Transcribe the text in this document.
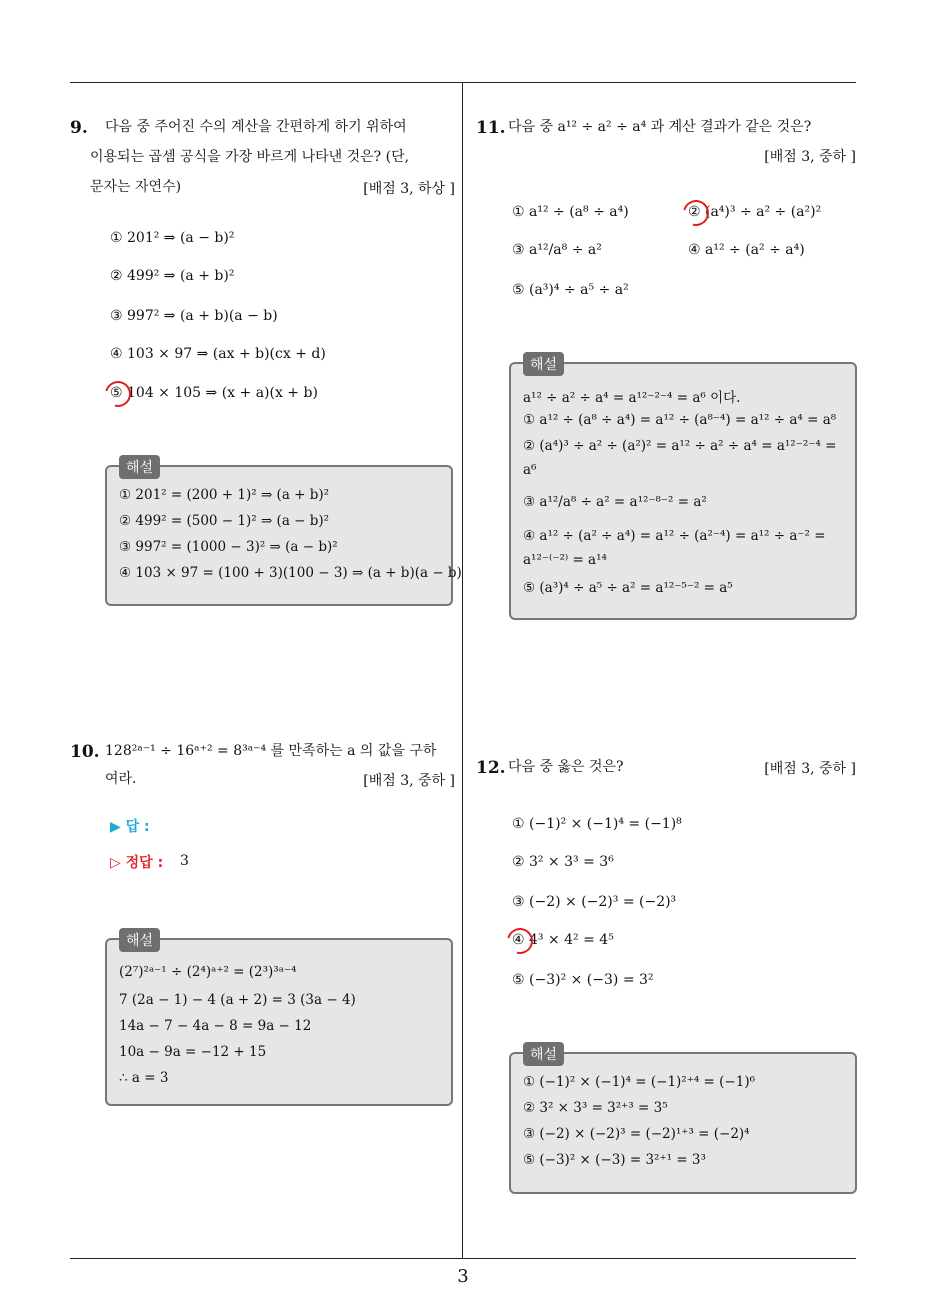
9. 다음 중 주어진 수의 계산을 간편하게 하기 위하여
이용되는 곱셈 공식을 가장 바르게 나타낸 것은? (단,
문자는 자연수)	[배점 3, 하상 ]
① 201² ⇒ (a − b)²
② 499² ⇒ (a + b)²
③ 997² ⇒ (a + b)(a − b)
④ 103 × 97 ⇒ (ax + b)(cx + d)
⑤ 104 × 105 ⇒ (x + a)(x + b)
해설
① 201² = (200 + 1)² ⇒ (a + b)²
② 499² = (500 − 1)² ⇒ (a − b)²
③ 997² = (1000 − 3)² ⇒ (a − b)²
④ 103 × 97 = (100 + 3)(100 − 3) ⇒ (a + b)(a − b)
10. 128²ᵃ⁻¹ ÷ 16ᵃ⁺² = 8³ᵃ⁻⁴ 를 만족하는 a 의 값을 구하
여라.	[배점 3, 중하 ]
▶ 답 :
▷ 정답 : 3
해설
(2⁷)²ᵃ⁻¹ ÷ (2⁴)ᵃ⁺² = (2³)³ᵃ⁻⁴
7 (2a − 1) − 4 (a + 2) = 3 (3a − 4)
14a − 7 − 4a − 8 = 9a − 12
10a − 9a = −12 + 15
∴ a = 3
11. 다음 중 a¹² ÷ a² ÷ a⁴ 과 계산 결과가 같은 것은?
[배점 3, 중하 ]
① a¹² ÷ (a⁸ ÷ a⁴)	② (a⁴)³ ÷ a² ÷ (a²)²
③ a¹²/a⁸ ÷ a²	④ a¹² ÷ (a² ÷ a⁴)
⑤ (a³)⁴ ÷ a⁵ ÷ a²
해설
a¹² ÷ a² ÷ a⁴ = a¹²⁻²⁻⁴ = a⁶ 이다.
① a¹² ÷ (a⁸ ÷ a⁴) = a¹² ÷ (a⁸⁻⁴) = a¹² ÷ a⁴ = a⁸
② (a⁴)³ ÷ a² ÷ (a²)² = a¹² ÷ a² ÷ a⁴ = a¹²⁻²⁻⁴ =
a⁶
③ a¹²/a⁸ ÷ a² = a¹²⁻⁸⁻² = a²
④ a¹² ÷ (a² ÷ a⁴) = a¹² ÷ (a²⁻⁴) = a¹² ÷ a⁻² =
a¹²⁻⁽⁻²⁾ = a¹⁴
⑤ (a³)⁴ ÷ a⁵ ÷ a² = a¹²⁻⁵⁻² = a⁵
12. 다음 중 옳은 것은?	[배점 3, 중하 ]
① (−1)² × (−1)⁴ = (−1)⁸
② 3² × 3³ = 3⁶
③ (−2) × (−2)³ = (−2)³
④ 4³ × 4² = 4⁵
⑤ (−3)² × (−3) = 3²
해설
① (−1)² × (−1)⁴ = (−1)²⁺⁴ = (−1)⁶
② 3² × 3³ = 3²⁺³ = 3⁵
③ (−2) × (−2)³ = (−2)¹⁺³ = (−2)⁴
⑤ (−3)² × (−3) = 3²⁺¹ = 3³
3
